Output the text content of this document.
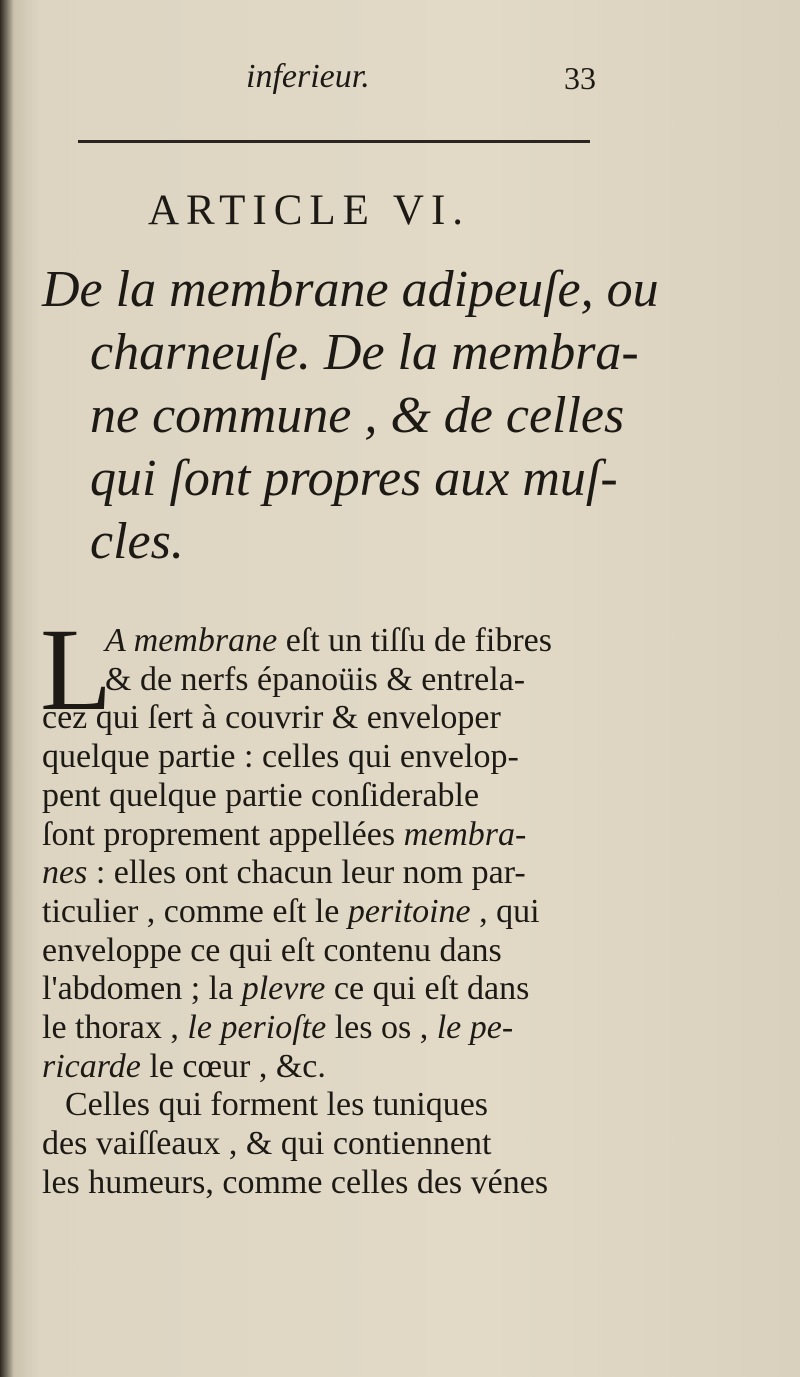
inferieur.	33
ARTICLE VI.
De la membrane adipeuſe, ou
charneuſe. De la membra-
ne commune , & de celles
qui ſont propres aux muſ-
cles.
L
A membrane eſt un tiſſu de fibres
& de nerfs épanoüis & entrela-
cez qui ſert à couvrir & enveloper
quelque partie : celles qui envelop-
pent quelque partie conſiderable
ſont proprement appellées membra-
nes : elles ont chacun leur nom par-
ticulier , comme eſt le peritoine , qui
enveloppe ce qui eſt contenu dans
l'abdomen ; la plevre ce qui eſt dans
le thorax , le perioſte les os , le pe-
ricarde le cœur , &c.
Celles qui forment les tuniques
des vaiſſeaux , & qui contiennent
les humeurs, comme celles des vénes
